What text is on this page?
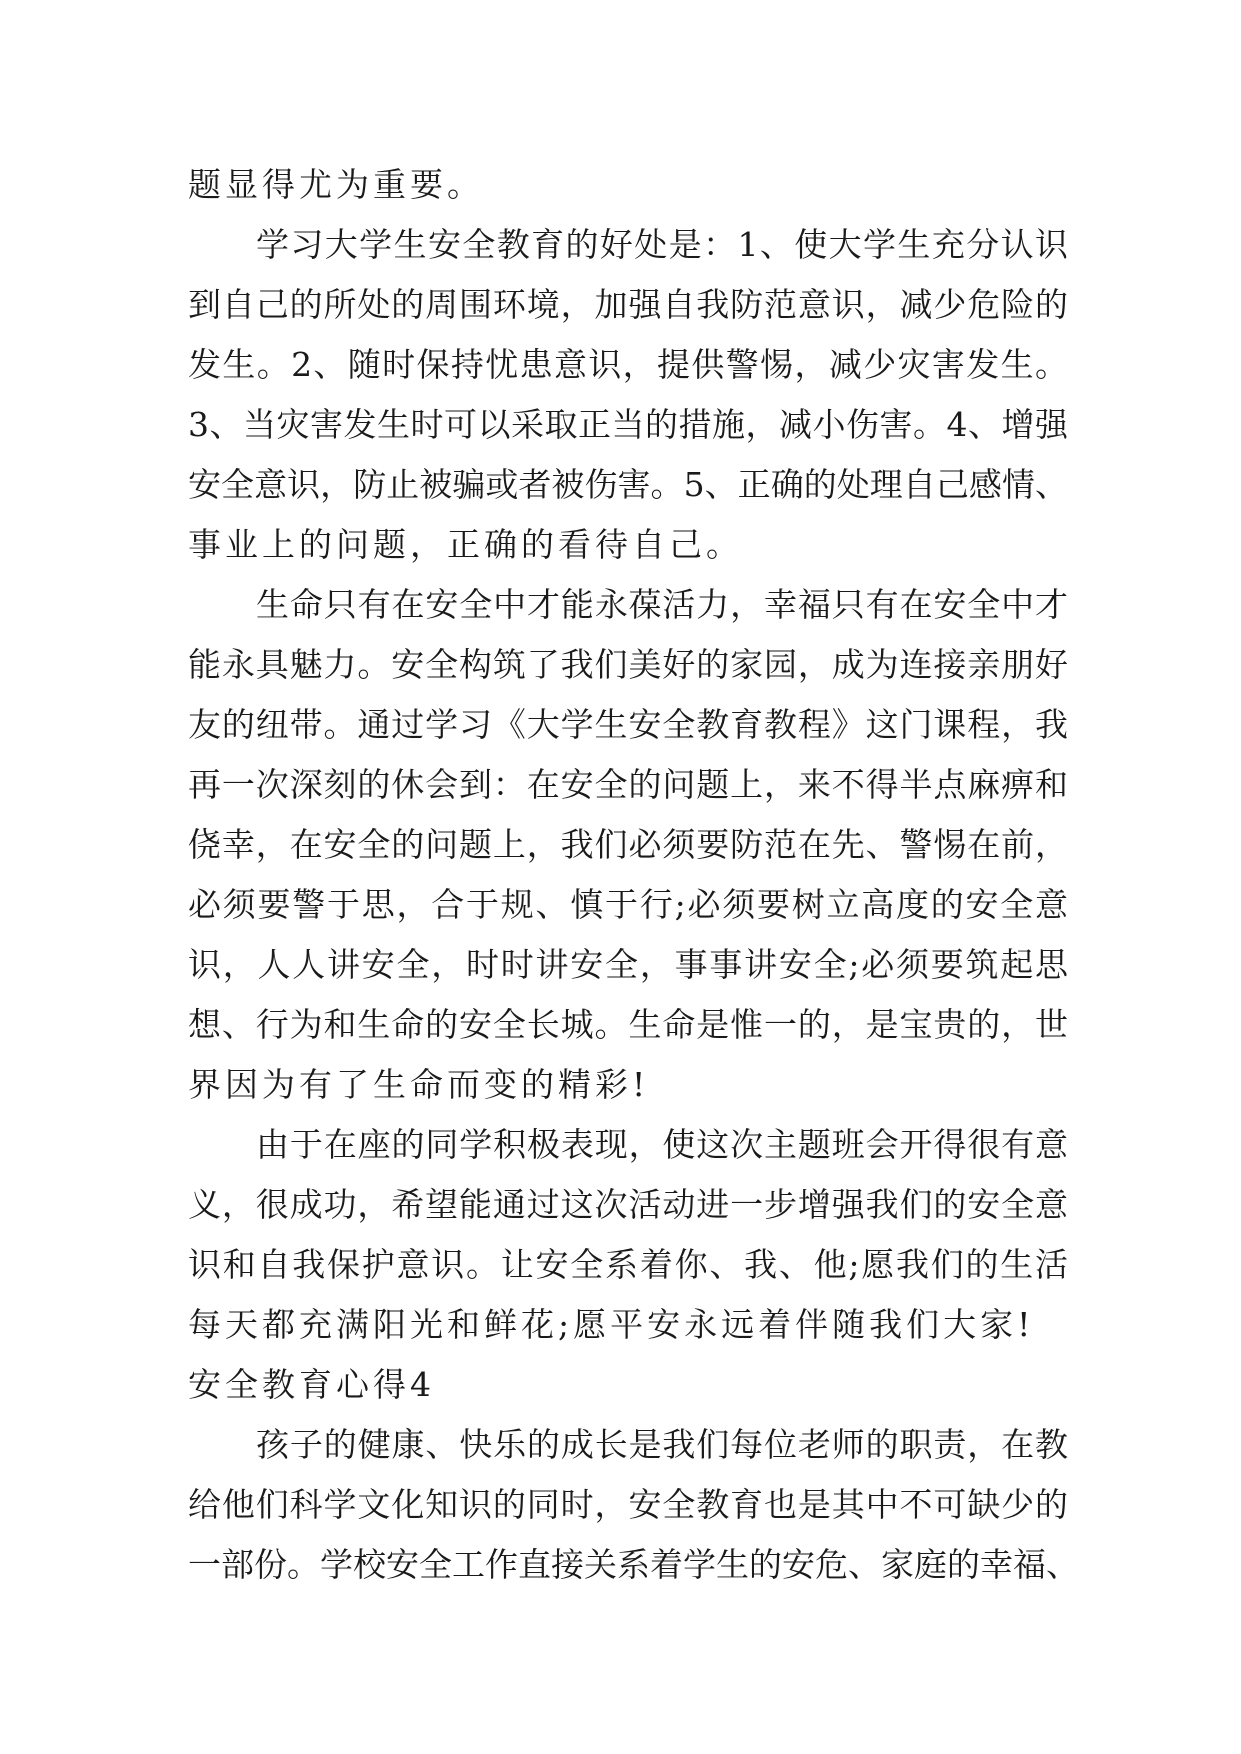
题显得尤为重要。
学习大学生安全教育的好处是：1、使大学生充分认识
到自己的所处的周围环境，加强自我防范意识，减少危险的
发生。2、随时保持忧患意识，提供警惕，减少灾害发生。
3、当灾害发生时可以采取正当的措施，减小伤害。4、增强
安全意识，防止被骗或者被伤害。5、正确的处理自己感情、
事业上的问题，正确的看待自己。
生命只有在安全中才能永葆活力，幸福只有在安全中才
能永具魅力。安全构筑了我们美好的家园，成为连接亲朋好
友的纽带。通过学习《大学生安全教育教程》这门课程，我
再一次深刻的休会到：在安全的问题上，来不得半点麻痹和
侥幸，在安全的问题上，我们必须要防范在先、警惕在前，
必须要警于思，合于规、慎于行;必须要树立高度的安全意
识，人人讲安全，时时讲安全，事事讲安全;必须要筑起思
想、行为和生命的安全长城。生命是惟一的，是宝贵的，世
界因为有了生命而变的精彩!
由于在座的同学积极表现，使这次主题班会开得很有意
义，很成功，希望能通过这次活动进一步增强我们的安全意
识和自我保护意识。让安全系着你、我、他;愿我们的生活
每天都充满阳光和鲜花;愿平安永远着伴随我们大家!
安全教育心得4
孩子的健康、快乐的成长是我们每位老师的职责，在教
给他们科学文化知识的同时，安全教育也是其中不可缺少的
一部份。学校安全工作直接关系着学生的安危、家庭的幸福、
